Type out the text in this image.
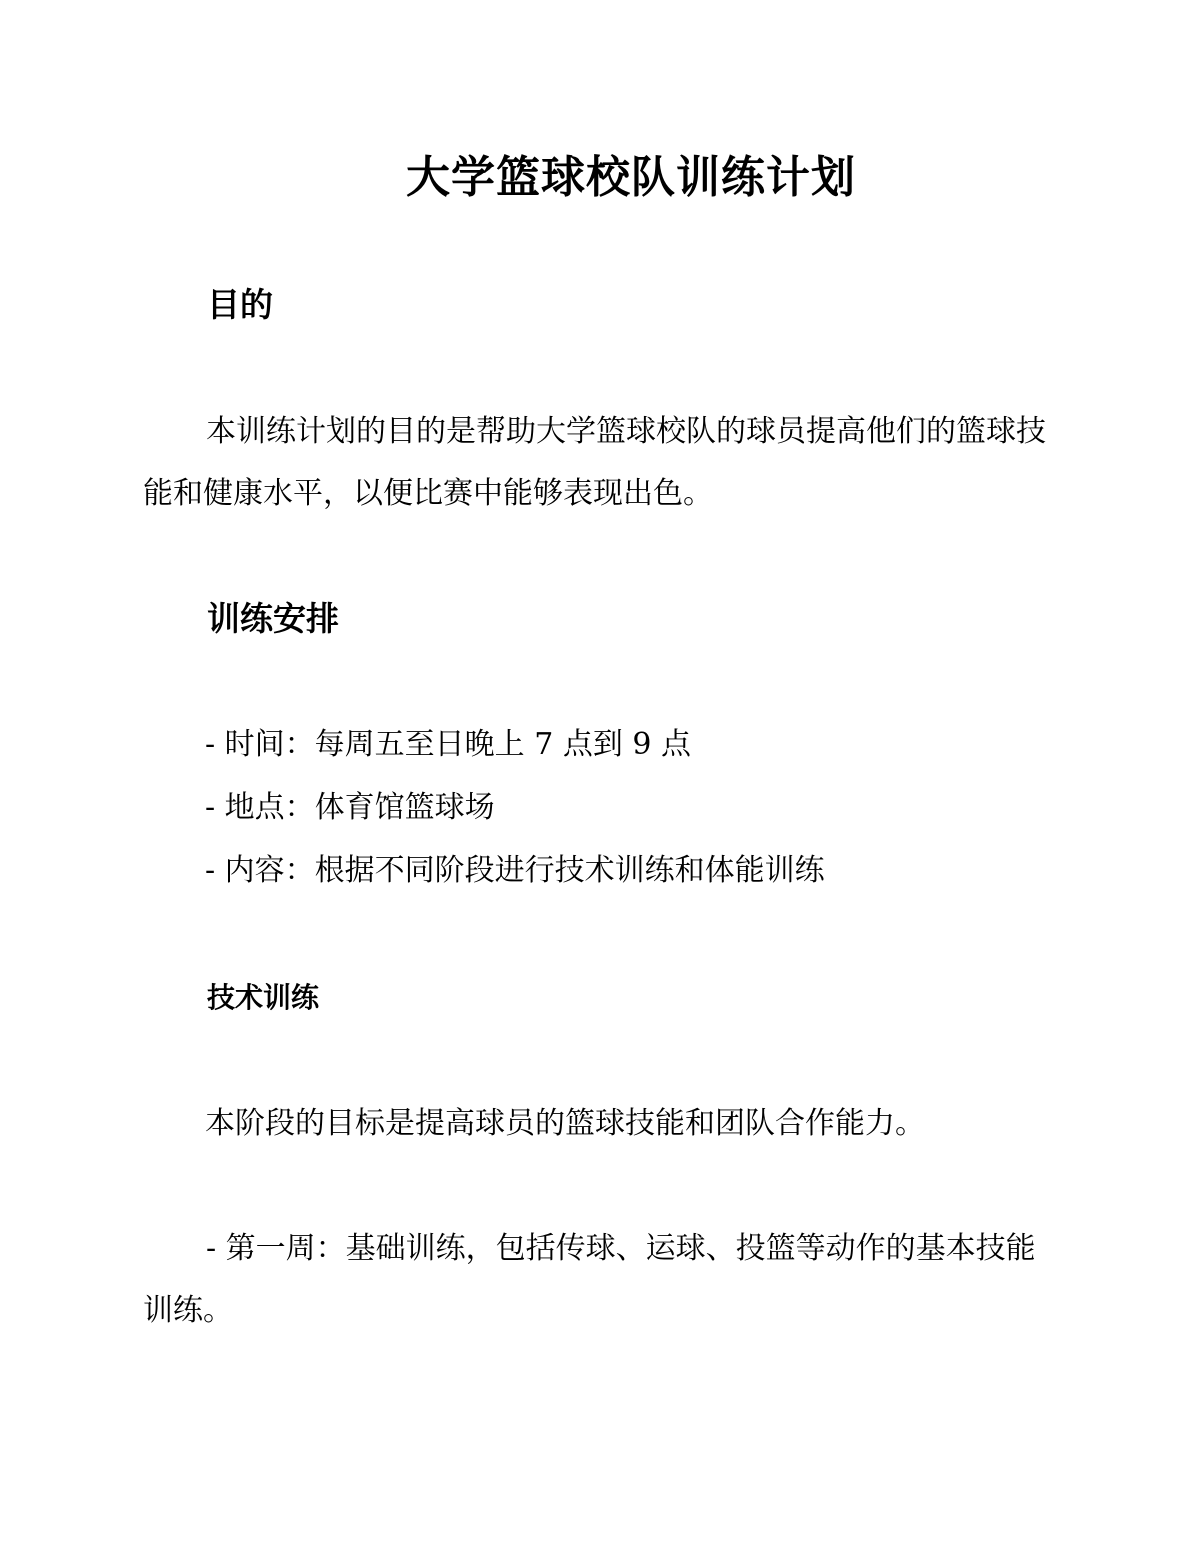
大学篮球校队训练计划
目的

本训练计划的目的是帮助大学篮球校队的球员提高他们的篮球技能和健康水平，以便比赛中能够表现出色。

训练安排
- 时间：每周五至日晚上 7 点到 9 点
- 地点：体育馆篮球场
- 内容：根据不同阶段进行技术训练和体能训练
技术训练
本阶段的目标是提高球员的篮球技能和团队合作能力。

- 第一周：基础训练，包括传球、运球、投篮等动作的基本技能训练。
